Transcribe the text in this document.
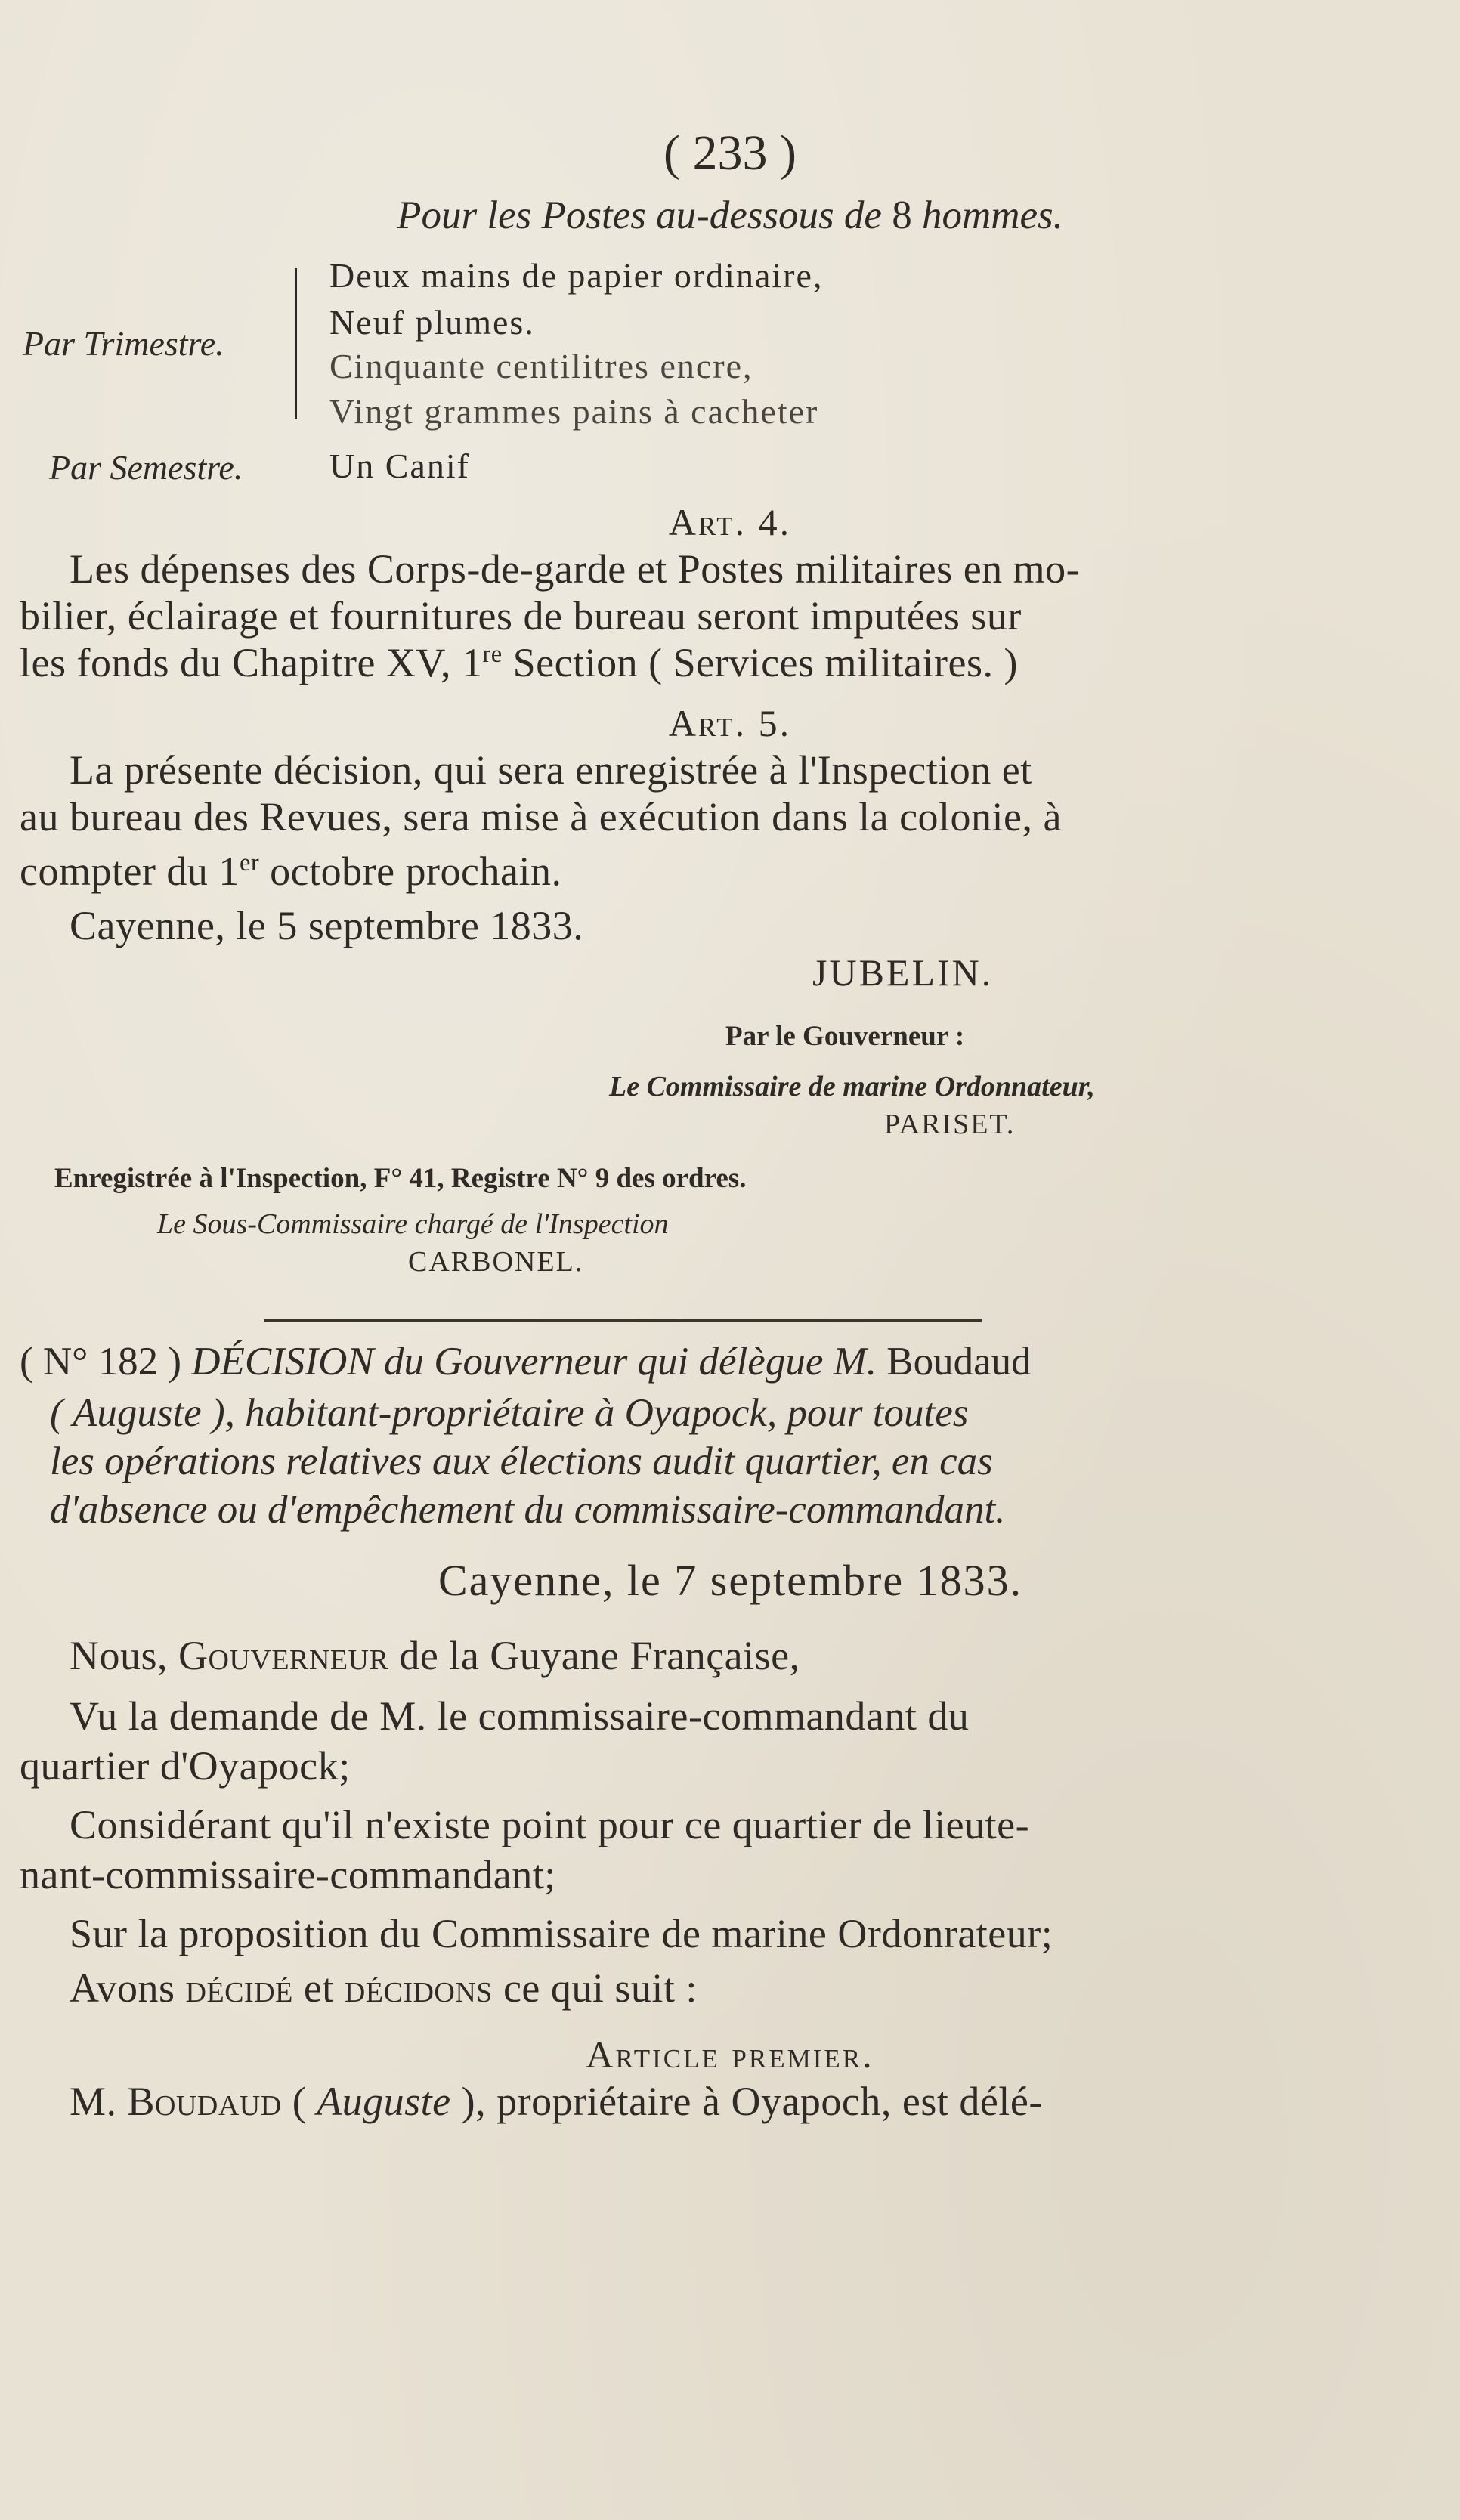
( 233 )
Pour les Postes au-dessous de 8 hommes.
Par Trimestre.
Deux mains de papier ordinaire,
Neuf plumes.
Cinquante centilitres encre,
Vingt grammes pains à cacheter
Par Semestre. Un Canif
Art. 4.
Les dépenses des Corps-de-garde et Postes militaires en mo-
bilier, éclairage et fournitures de bureau seront imputées sur
les fonds du Chapitre XV, 1re Section ( Services militaires. )
Art. 5.
La présente décision, qui sera enregistrée à l'Inspection et
au bureau des Revues, sera mise à exécution dans la colonie, à
compter du 1er octobre prochain.
Cayenne, le 5 septembre 1833.
JUBELIN.
Par le Gouverneur :
Le Commissaire de marine Ordonnateur,
PARISET.
Enregistrée à l'Inspection, F° 41, Registre N° 9 des ordres.
Le Sous-Commissaire chargé de l'Inspection
CARBONEL.
( N° 182 ) DÉCISION du Gouverneur qui délègue M. Boudaud
( Auguste ), habitant-propriétaire à Oyapock, pour toutes
les opérations relatives aux élections audit quartier, en cas
d'absence ou d'empêchement du commissaire-commandant.
Cayenne, le 7 septembre 1833.
Nous, Gouverneur de la Guyane Française,
Vu la demande de M. le commissaire-commandant du
quartier d'Oyapock;
Considérant qu'il n'existe point pour ce quartier de lieute-
nant-commissaire-commandant;
Sur la proposition du Commissaire de marine Ordonrateur;
Avons décidé et décidons ce qui suit :
Article premier.
M. Boudaud ( Auguste ), propriétaire à Oyapoch, est délé-
